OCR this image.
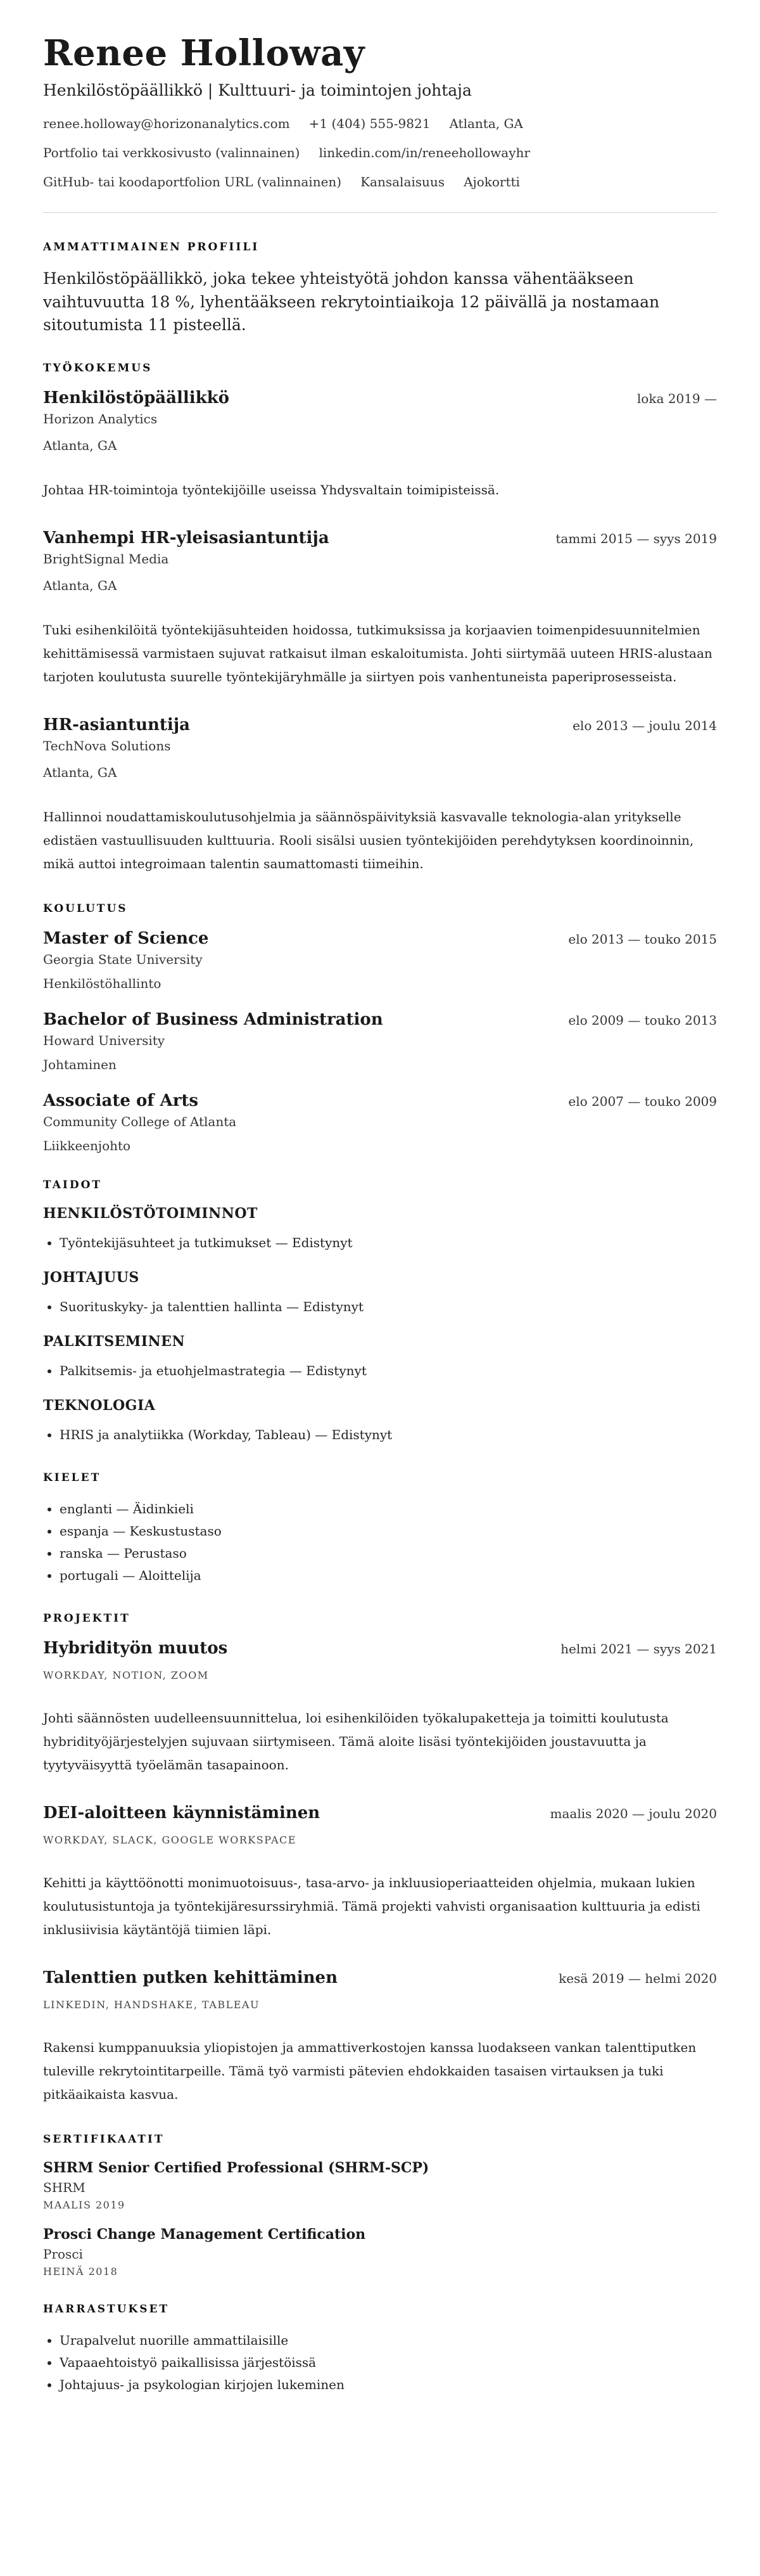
Renee Holloway
Henkilöstöpäällikkö | Kulttuuri- ja toimintojen johtaja
renee.holloway@horizonanalytics.com +1 (404) 555-9821 Atlanta, GA
Portfolio tai verkkosivusto (valinnainen) linkedin.com/in/reneehollowayhr
GitHub- tai koodaportfolion URL (valinnainen) Kansalaisuus Ajokortti
AMMATTIMAINEN PROFIILI
Henkilöstöpäällikkö, joka tekee yhteistyötä johdon kanssa vähentääkseen vaihtuvuutta 18 %, lyhentääkseen rekrytointiaikoja 12 päivällä ja nostamaan sitoutumista 11 pisteellä.
TYÖKOKEMUS
Henkilöstöpäällikkö	loka 2019 —
Horizon Analytics
Atlanta, GA
Johtaa HR-toimintoja työntekijöille useissa Yhdysvaltain toimipisteissä.
Vanhempi HR-yleisasiantuntija	tammi 2015 — syys 2019
BrightSignal Media
Atlanta, GA
Tuki esihenkilöitä työntekijäsuhteiden hoidossa, tutkimuksissa ja korjaavien toimenpidesuunnitelmien kehittämisessä varmistaen sujuvat ratkaisut ilman eskaloitumista. Johti siirtymää uuteen HRIS-alustaan tarjoten koulutusta suurelle työntekijäryhmälle ja siirtyen pois vanhentuneista paperiprosesseista.
HR-asiantuntija	elo 2013 — joulu 2014
TechNova Solutions
Atlanta, GA
Hallinnoi noudattamiskoulutusohjelmia ja säännöspäivityksiä kasvavalle teknologia-alan yritykselle edistäen vastuullisuuden kulttuuria. Rooli sisälsi uusien työntekijöiden perehdytyksen koordinoinnin, mikä auttoi integroimaan talentin saumattomasti tiimeihin.
KOULUTUS
Master of Science	elo 2013 — touko 2015
Georgia State University
Henkilöstöhallinto
Bachelor of Business Administration	elo 2009 — touko 2013
Howard University
Johtaminen
Associate of Arts	elo 2007 — touko 2009
Community College of Atlanta
Liikkeenjohto
TAIDOT
HENKILÖSTÖTOIMINNOT
• Työntekijäsuhteet ja tutkimukset — Edistynyt
JOHTAJUUS
• Suorituskyky- ja talenttien hallinta — Edistynyt
PALKITSEMINEN
• Palkitsemis- ja etuohjelmastrategia — Edistynyt
TEKNOLOGIA
• HRIS ja analytiikka (Workday, Tableau) — Edistynyt
KIELET
• englanti — Äidinkieli
• espanja — Keskustustaso
• ranska — Perustaso
• portugali — Aloittelija
PROJEKTIT
Hybridityön muutos	helmi 2021 — syys 2021
WORKDAY, NOTION, ZOOM
Johti säännösten uudelleensuunnittelua, loi esihenkilöiden työkalupaketteja ja toimitti koulutusta hybridityöjärjestelyjen sujuvaan siirtymiseen. Tämä aloite lisäsi työntekijöiden joustavuutta ja tyytyväisyyttä työelämän tasapainoon.
DEI-aloitteen käynnistäminen	maalis 2020 — joulu 2020
WORKDAY, SLACK, GOOGLE WORKSPACE
Kehitti ja käyttöönotti monimuotoisuus-, tasa-arvo- ja inkluusioperiaatteiden ohjelmia, mukaan lukien koulutusistuntoja ja työntekijäresurssiryhmiä. Tämä projekti vahvisti organisaation kulttuuria ja edisti inklusiivisia käytäntöjä tiimien läpi.
Talenttien putken kehittäminen	kesä 2019 — helmi 2020
LINKEDIN, HANDSHAKE, TABLEAU
Rakensi kumppanuuksia yliopistojen ja ammattiverkostojen kanssa luodakseen vankan talenttiputken tuleville rekrytointitarpeille. Tämä työ varmisti pätevien ehdokkaiden tasaisen virtauksen ja tuki pitkäaikaista kasvua.
SERTIFIKAATIT
SHRM Senior Certified Professional (SHRM-SCP)
SHRM
MAALIS 2019
Prosci Change Management Certification
Prosci
HEINÄ 2018
HARRASTUKSET
• Urapalvelut nuorille ammattilaisille
• Vapaaehtoistyö paikallisissa järjestöissä
• Johtajuus- ja psykologian kirjojen lukeminen
